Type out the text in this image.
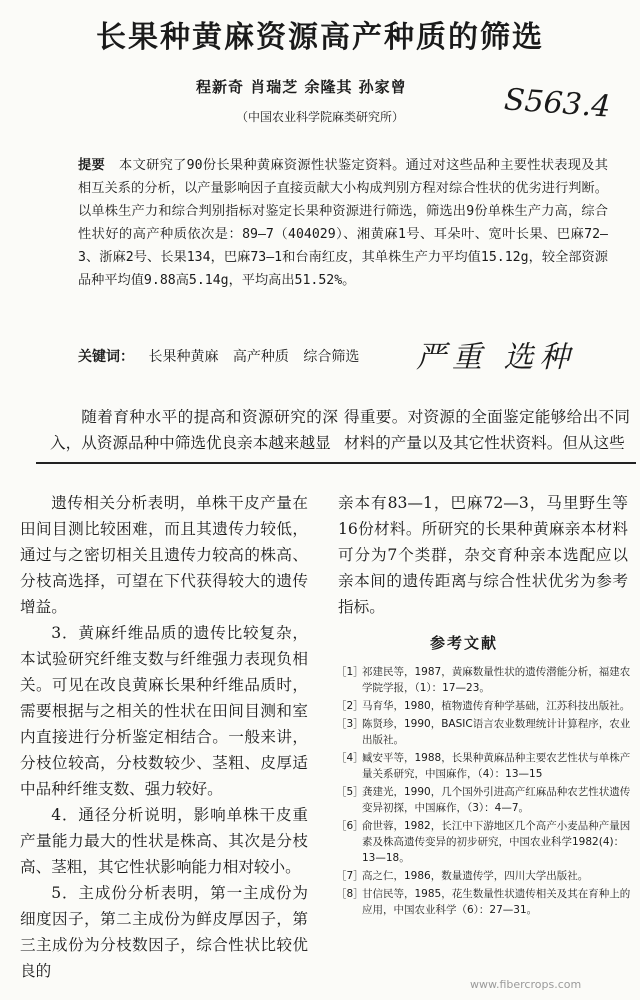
长果种黄麻资源高产种质的筛选
程新奇 肖瑞芝 余隆其 孙家曾	S563.4
（中国农业科学院麻类研究所）
提要 本文研究了90份长果种黄麻资源性状鉴定资料。通过对这些品种主要性状表现及其相互关系的分析，以产量影响因子直接贡献大小构成判别方程对综合性状的优劣进行判断。以单株生产力和综合判别指标对鉴定长果种资源进行筛选，筛选出9份单株生产力高，综合性状好的高产种质依次是：89—7（404029）、湘黄麻1号、耳朵叶、宽叶长果、巴麻72—3、浙麻2号、长果134，巴麻73—1和台南红皮，其单株生产力平均值15.12g，较全部资源品种平均值9.88高5.14g，平均高出51.52%。
关键词： 长果种黄麻 高产种质 综合筛选	严重 选种
随着育种水平的提高和资源研究的深入，从资源品种中筛选优良亲本越来越显
得重要。对资源的全面鉴定能够给出不同材料的产量以及其它性状资料。但从这些

遗传相关分析表明，单株干皮产量在田间目测比较困难，而且其遗传力较低，通过与之密切相关且遗传力较高的株高、分枝高选择，可望在下代获得较大的遗传增益。

3．黄麻纤维品质的遗传比较复杂，本试验研究纤维支数与纤维强力表现负相关。可见在改良黄麻长果种纤维品质时，需要根据与之相关的性状在田间目测和室内直接进行分析鉴定相结合。一般来讲，分枝位较高，分枝数较少、茎粗、皮厚适中品种纤维支数、强力较好。

4．通径分析说明，影响单株干皮重产量能力最大的性状是株高、其次是分枝高、茎粗，其它性状影响能力相对较小。

5．主成份分析表明，第一主成份为细度因子，第二主成份为鲜皮厚因子，第三主成份为分枝数因子，综合性状比较优良的

亲本有83—1，巴麻72—3，马里野生等16份材料。所研究的长果种黄麻亲本材料可分为7个类群，杂交育种亲本选配应以亲本间的遗传距离与综合性状优劣为参考指标。
参考文献
［1］
祁建民等，1987，黄麻数量性状的遗传潜能分析，福建农学院学报，（1）：17—23。
［2］
马育华，1980，植物遗传育种学基础，江苏科技出版社。
［3］
陈贤珍，1990，BASIC语言农业数理统计计算程序，农业出版社。
［4］
臧安平等，1988，长果种黄麻品种主要农艺性状与单株产量关系研究，中国麻作，（4）：13—15
［5］
龚建光，1990，几个国外引进高产红麻品种农艺性状遗传变异初探，中国麻作，（3）：4—7。
［6］
俞世蓉，1982，长江中下游地区几个高产小麦品种产量因素及株高遗传变异的初步研究，中国农业科学1982(4)：13—18。
［7］
高之仁，1986，数量遗传学，四川大学出版社。
［8］
甘信民等，1985，花生数量性状遗传相关及其在育种上的应用，中国农业科学（6）：27—31。
www.fibercrops.com
